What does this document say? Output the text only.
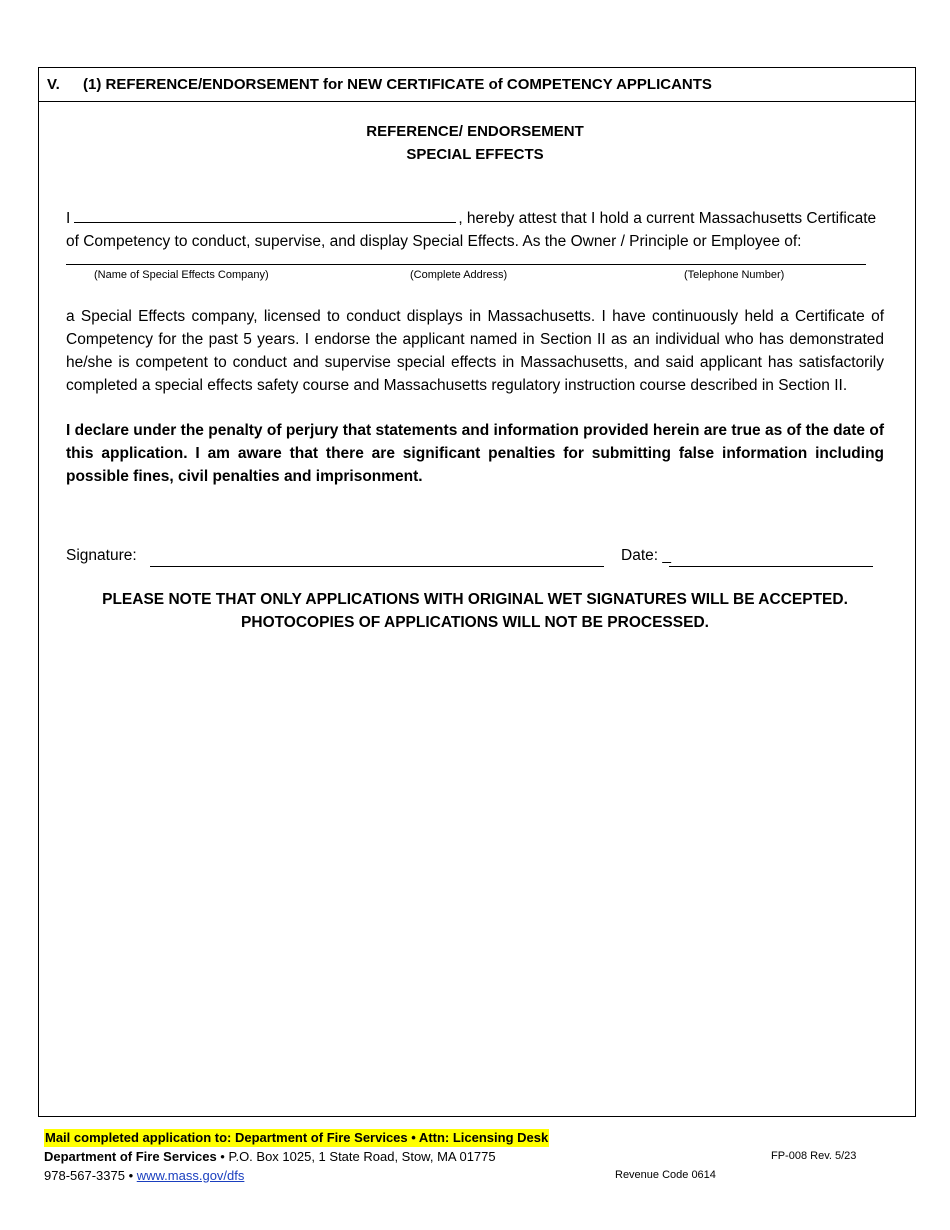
V. (1) REFERENCE/ENDORSEMENT for NEW CERTIFICATE of COMPETENCY APPLICANTS
REFERENCE/ ENDORSEMENT
SPECIAL EFFECTS
I	, hereby attest that I hold a current Massachusetts Certificate of Competency to conduct, supervise, and display Special Effects. As the Owner / Principle or Employee of:
(Name of Special Effects Company)	(Complete Address)	(Telephone Number)
a Special Effects company, licensed to conduct displays in Massachusetts. I have continuously held a Certificate of Competency for the past 5 years. I endorse the applicant named in Section II as an individual who has demonstrated he/she is competent to conduct and supervise special effects in Massachusetts, and said applicant has satisfactorily completed a special effects safety course and Massachusetts regulatory instruction course described in Section II.
I declare under the penalty of perjury that statements and information provided herein are true as of the date of this application. I am aware that there are significant penalties for submitting false information including possible fines, civil penalties and imprisonment.
Signature:	Date: _
PLEASE NOTE THAT ONLY APPLICATIONS WITH ORIGINAL WET SIGNATURES WILL BE ACCEPTED.
PHOTOCOPIES OF APPLICATIONS WILL NOT BE PROCESSED.
Mail completed application to: Department of Fire Services • Attn: Licensing Desk
Department of Fire Services • P.O. Box 1025, 1 State Road, Stow, MA 01775
978-567-3375 • www.mass.gov/dfs
FP-008 Rev. 5/23
Revenue Code 0614
